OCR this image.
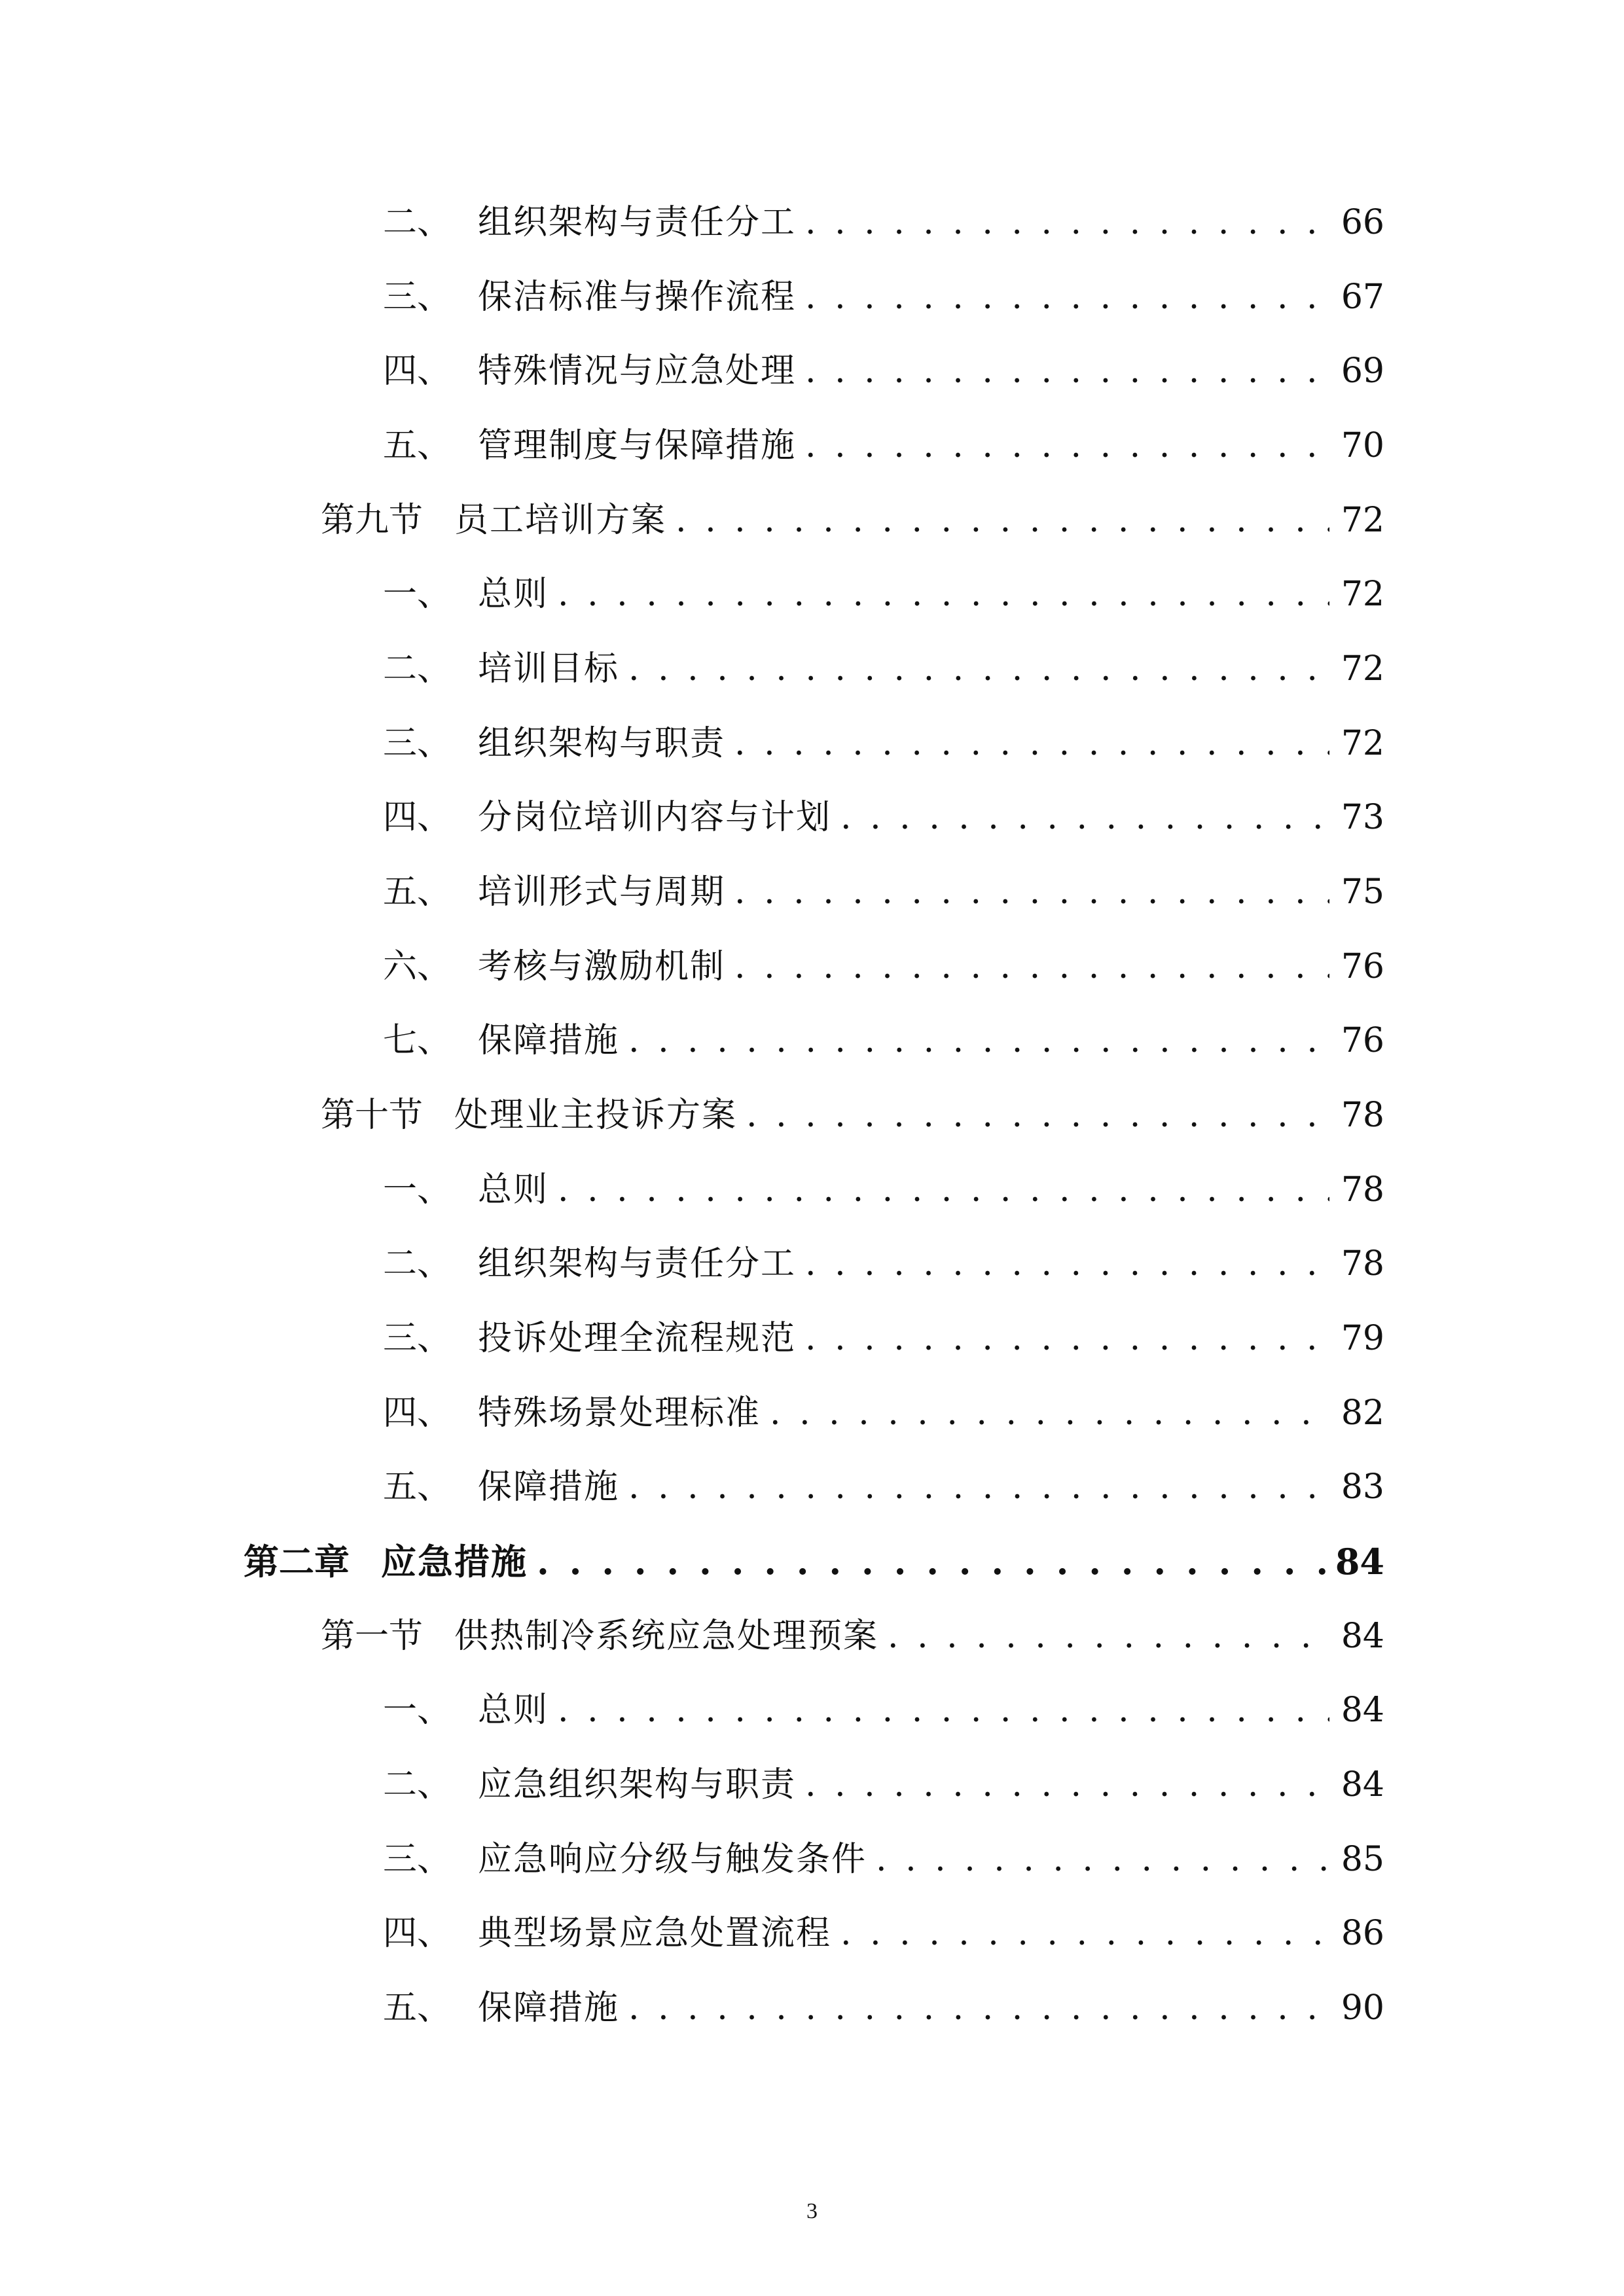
二、 组织架构与责任分工 . . .	66
三、 保洁标准与操作流程 . . .	67
四、 特殊情况与应急处理 . . .	69
五、 管理制度与保障措施 . . .	70
第九节 员工培训方案 . . .	72
一、 总则 . . .	72
二、 培训目标 . . .	72
三、 组织架构与职责 . . .	72
四、 分岗位培训内容与计划 . . .	73
五、 培训形式与周期 . . .	75
六、 考核与激励机制 . . .	76
七、 保障措施 . . .	76
第十节 处理业主投诉方案 . . .	78
一、 总则 . . .	78
二、 组织架构与责任分工 . . .	78
三、 投诉处理全流程规范 . . .	79
四、 特殊场景处理标准 . . .	82
五、 保障措施 . . .	83
第二章 应急措施 . . .	84
第一节 供热制冷系统应急处理预案 . . .	84
一、 总则 . . .	84
二、 应急组织架构与职责 . . .	84
三、 应急响应分级与触发条件 . . .	85
四、 典型场景应急处置流程 . . .	86
五、 保障措施 . . .	90
3
